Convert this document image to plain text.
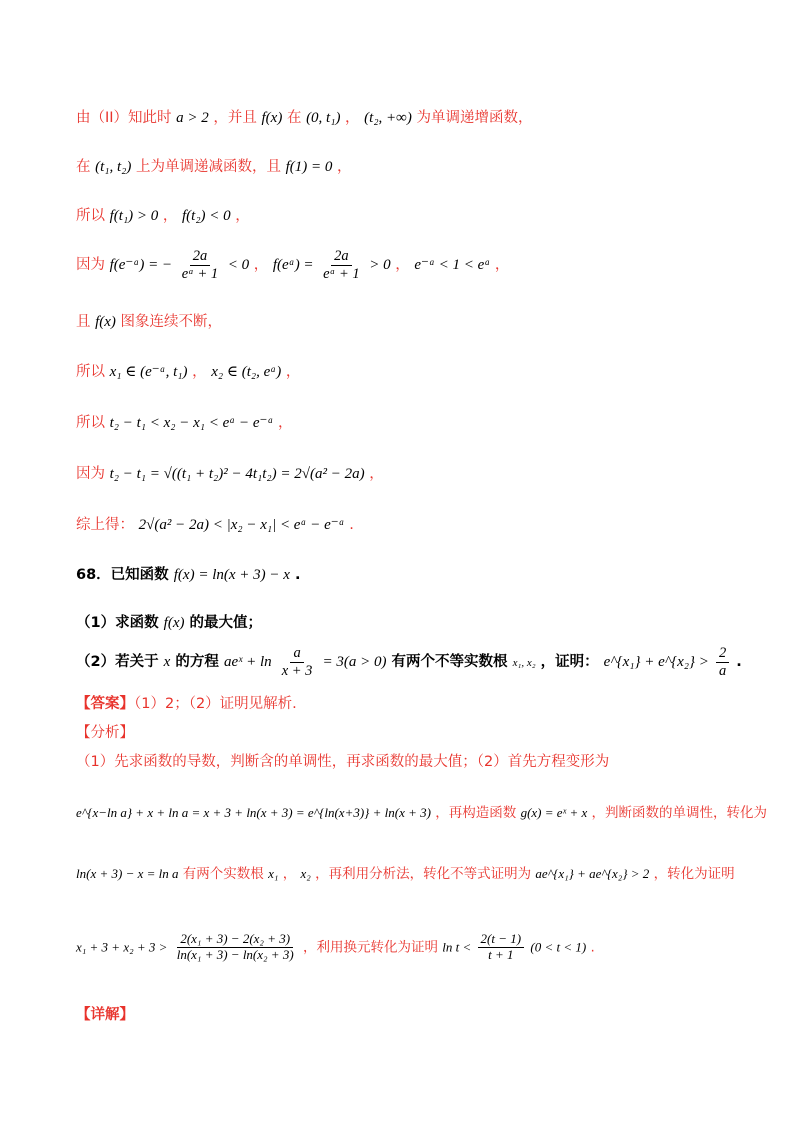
由（II）知此时 a > 2 ，并且 f(x) 在 (0, t₁) ， (t₂, +∞) 为单调递增函数，
在 (t₁, t₂) 上为单调递减函数，且 f(1) = 0 ，
所以 f(t₁) > 0 ， f(t₂) < 0 ，
因为 f(e⁻ᵃ) = − $\frac{2a}{\text{eᵃ + 1}} < 0$ ， f(eᵃ) = $\frac{2a}{\text{eᵃ + 1}} > 0$ ， e⁻ᵃ < 1 < eᵃ ，
且 f(x) 图象连续不断，
所以 x₁ ∈ (e⁻ᵃ, t₁) ， x₂ ∈ (t₂, eᵃ) ，
所以 t₂ − t₁ < x₂ − x₁ < eᵃ − e⁻ᵃ ，
因为 t₂ − t₁ = √((t₁ + t₂)² − 4t₁t₂) = 2√(a² − 2a) ，
综上得： 2√(a² − 2a) < |x₂ − x₁| < eᵃ − e⁻ᵃ .
68．已知函数 f(x) = ln(x + 3) − x .
（1）求函数 f(x) 的最大值；
（2）若关于 x 的方程 aeˣ + $\ln \frac{a}{x + 3} = 3(a > 0)$ 有两个不等实数根 x₁, x₂ ，证明： e^{x₁} + e^{x₂} > $\frac{2}{a}$ .
【答案】（1）2；（2）证明见解析.
【分析】
（1）先求函数的导数，判断含的单调性，再求函数的最大值；（2）首先方程变形为
e^{x−ln a} + x + ln a = x + 3 + ln(x + 3) = e^{ln(x+3)} + ln(x + 3) ，再构造函数 g(x) = eˣ + x ，判断函数的单调性，转化为
ln(x + 3) − x = ln a 有两个实数根 x₁ ， x₂ ，再利用分析法，转化不等式证明为 ae^{x₁} + ae^{x₂} > 2 ，转化为证明
$x_1 + 3 + x_2 + 3 > \frac{\text{2(x₁ + 3) − 2(x₂ + 3)}}{\text{ln(x₁ + 3) − ln(x₂ + 3)}}$ ，利用换元转化为证明 $\ln t < \frac{2(t - 1)}{t + 1} (0 < t < 1)$ .
【详解】
